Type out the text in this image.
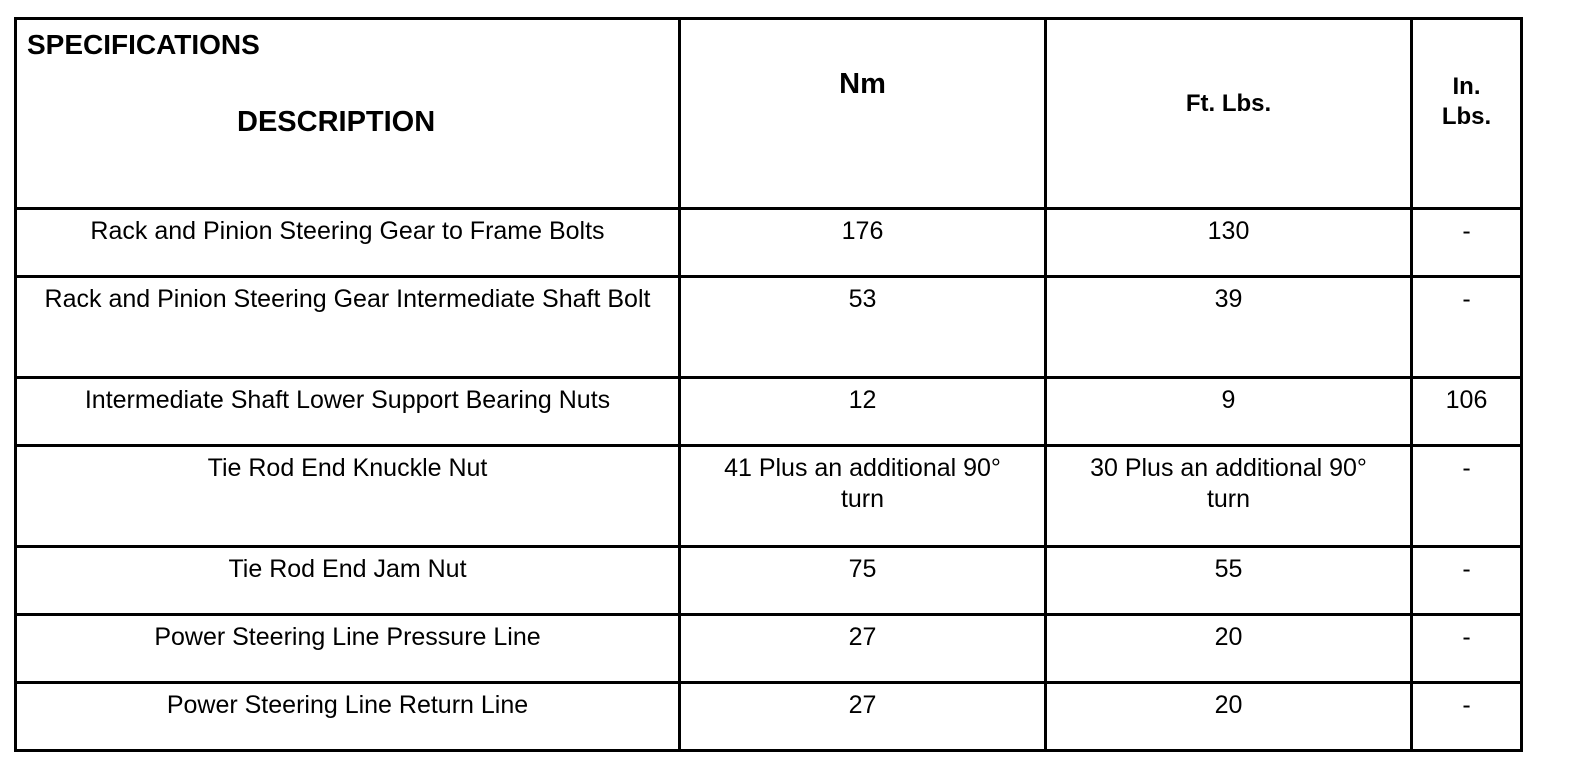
SPECIFICATIONS
DESCRIPTION	Nm	Ft. Lbs.	In.
Lbs.

Rack and Pinion Steering Gear to Frame Bolts	176	130	-

Rack and Pinion Steering Gear Intermediate Shaft Bolt	53	39	-

Intermediate Shaft Lower Support Bearing Nuts	12	9	106

Tie Rod End Knuckle Nut	41 Plus an additional 90° turn	30 Plus an additional 90° turn	-

Tie Rod End Jam Nut	75	55	-

Power Steering Line Pressure Line	27	20	-

Power Steering Line Return Line	27	20	-
